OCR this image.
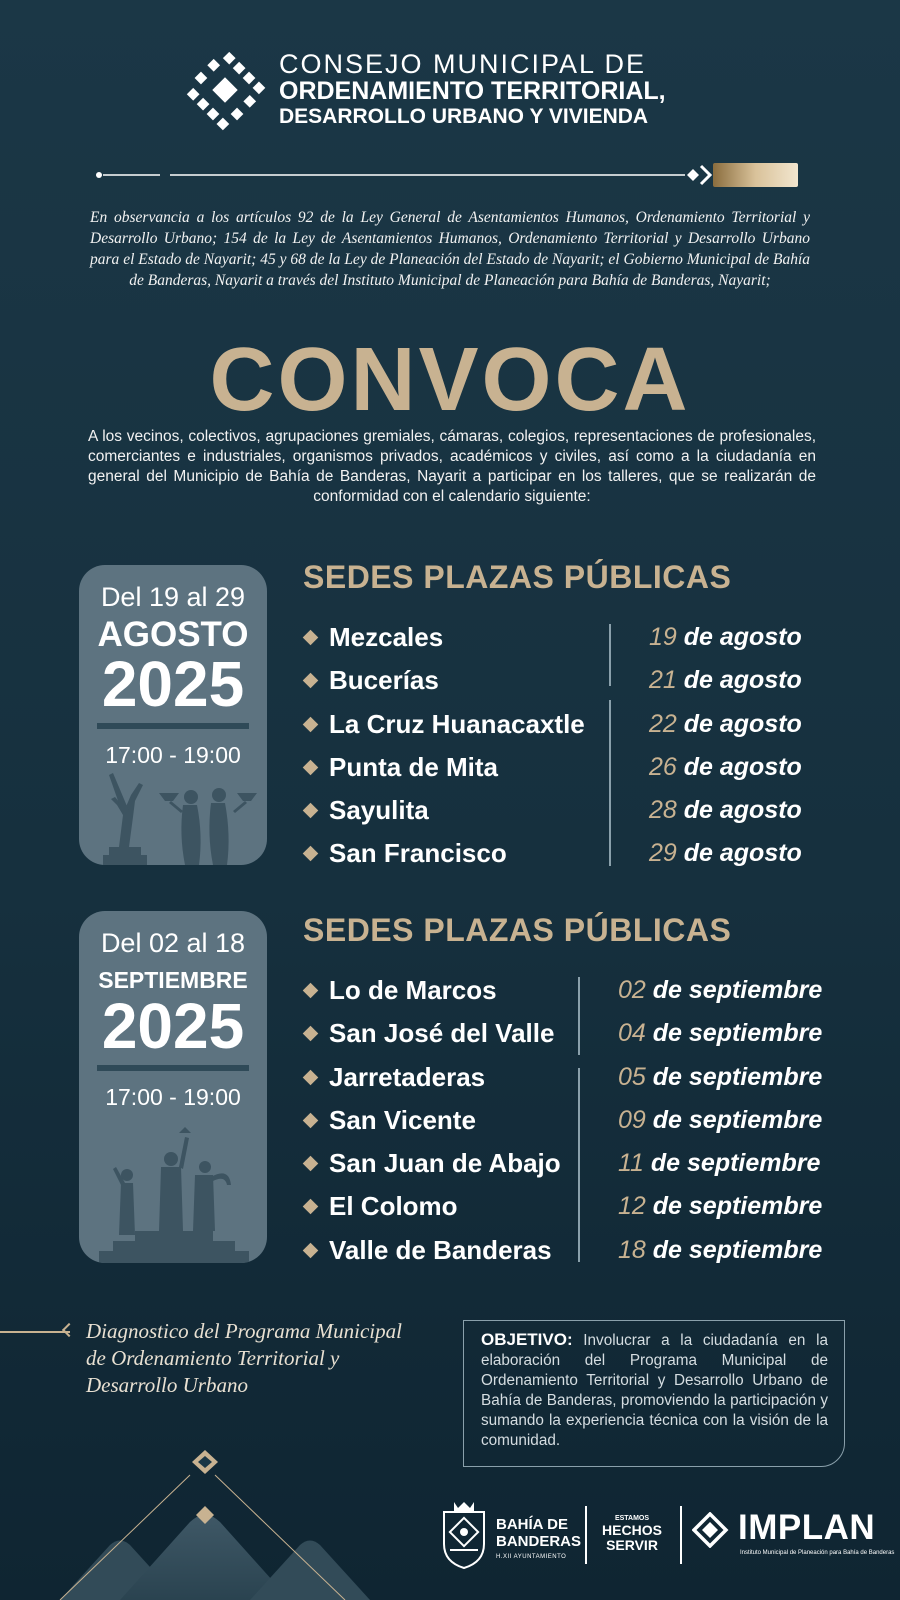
CONSEJO MUNICIPAL DE
ORDENAMIENTO TERRITORIAL,
DESARROLLO URBANO Y VIVIENDA

En observancia a los artículos 92 de la Ley General de Asentamientos Humanos, Ordenamiento Territorial y Desarrollo Urbano; 154 de la Ley de Asentamientos Humanos, Ordenamiento Territorial y Desarrollo Urbano para el Estado de Nayarit; 45 y 68 de la Ley de Planeación del Estado de Nayarit; el Gobierno Municipal de Bahía de Banderas, Nayarit a través del Instituto Municipal de Planeación para Bahía de Banderas, Nayarit;

CONVOCA

A los vecinos, colectivos, agrupaciones gremiales, cámaras, colegios, representaciones de profesionales, comerciantes e industriales, organismos privados, académicos y civiles, así como a la ciudadanía en general del Municipio de Bahía de Banderas, Nayarit a participar en los talleres, que se realizarán de conformidad con el calendario siguiente:

Del 19 al 29
AGOSTO
2025
17:00 - 19:00
SEDES PLAZAS PÚBLICAS
Mezcales	19 de agosto
Bucerías	21 de agosto
La Cruz Huanacaxtle	22 de agosto
Punta de Mita	26 de agosto
Sayulita	28 de agosto
San Francisco	29 de agosto
Del 02 al 18
SEPTIEMBRE
2025
17:00 - 19:00
SEDES PLAZAS PÚBLICAS
Lo de Marcos	02 de septiembre
San José del Valle	04 de septiembre
Jarretaderas	05 de septiembre
San Vicente	09 de septiembre
San Juan de Abajo 11 de septiembre
El Colomo	12 de septiembre
Valle de Banderas	18 de septiembre
Diagnostico del Programa Municipal de Ordenamiento Territorial y Desarrollo Urbano
OBJETIVO: Involucrar a la ciudadanía en la elaboración del Programa Municipal de Ordenamiento Territorial y Desarrollo Urbano de Bahía de Banderas, promoviendo la participación y sumando la experiencia técnica con la visión de la comunidad.
BAHÍA DE
BANDERAS
H.XII AYUNTAMIENTO
ESTAMOS
HECHOS
SERVIR	IMPLAN
Instituto Municipal de Planeación para Bahía de Banderas
